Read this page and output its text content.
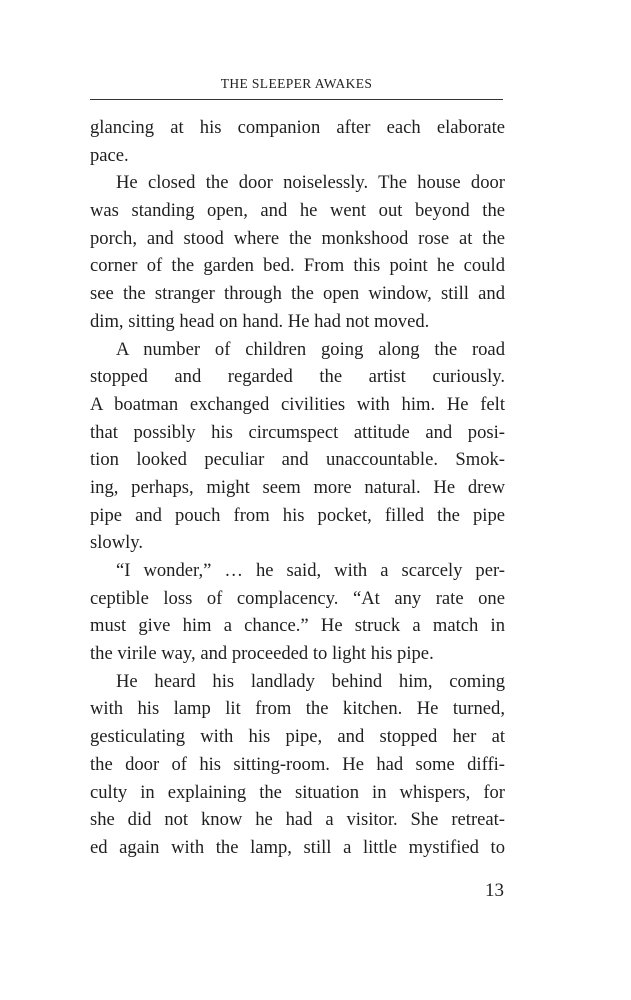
THE SLEEPER AWAKES
glancing at his companion after each elaborate
pace.
He closed the door noiselessly. The house door
was standing open, and he went out beyond the
porch, and stood where the monkshood rose at the
corner of the garden bed. From this point he could
see the stranger through the open window, still and
dim, sitting head on hand. He had not moved.
A number of children going along the road
stopped and regarded the artist curiously.
A boatman exchanged civilities with him. He felt
that possibly his circumspect attitude and posi-
tion looked peculiar and unaccountable. Smok-
ing, perhaps, might seem more natural. He drew
pipe and pouch from his pocket, filled the pipe
slowly.
“I wonder,” … he said, with a scarcely per-
ceptible loss of complacency. “At any rate one
must give him a chance.” He struck a match in
the virile way, and proceeded to light his pipe.
He heard his landlady behind him, coming
with his lamp lit from the kitchen. He turned,
gesticulating with his pipe, and stopped her at
the door of his sitting-room. He had some diffi-
culty in explaining the situation in whispers, for
she did not know he had a visitor. She retreat-
ed again with the lamp, still a little mystified to
13
